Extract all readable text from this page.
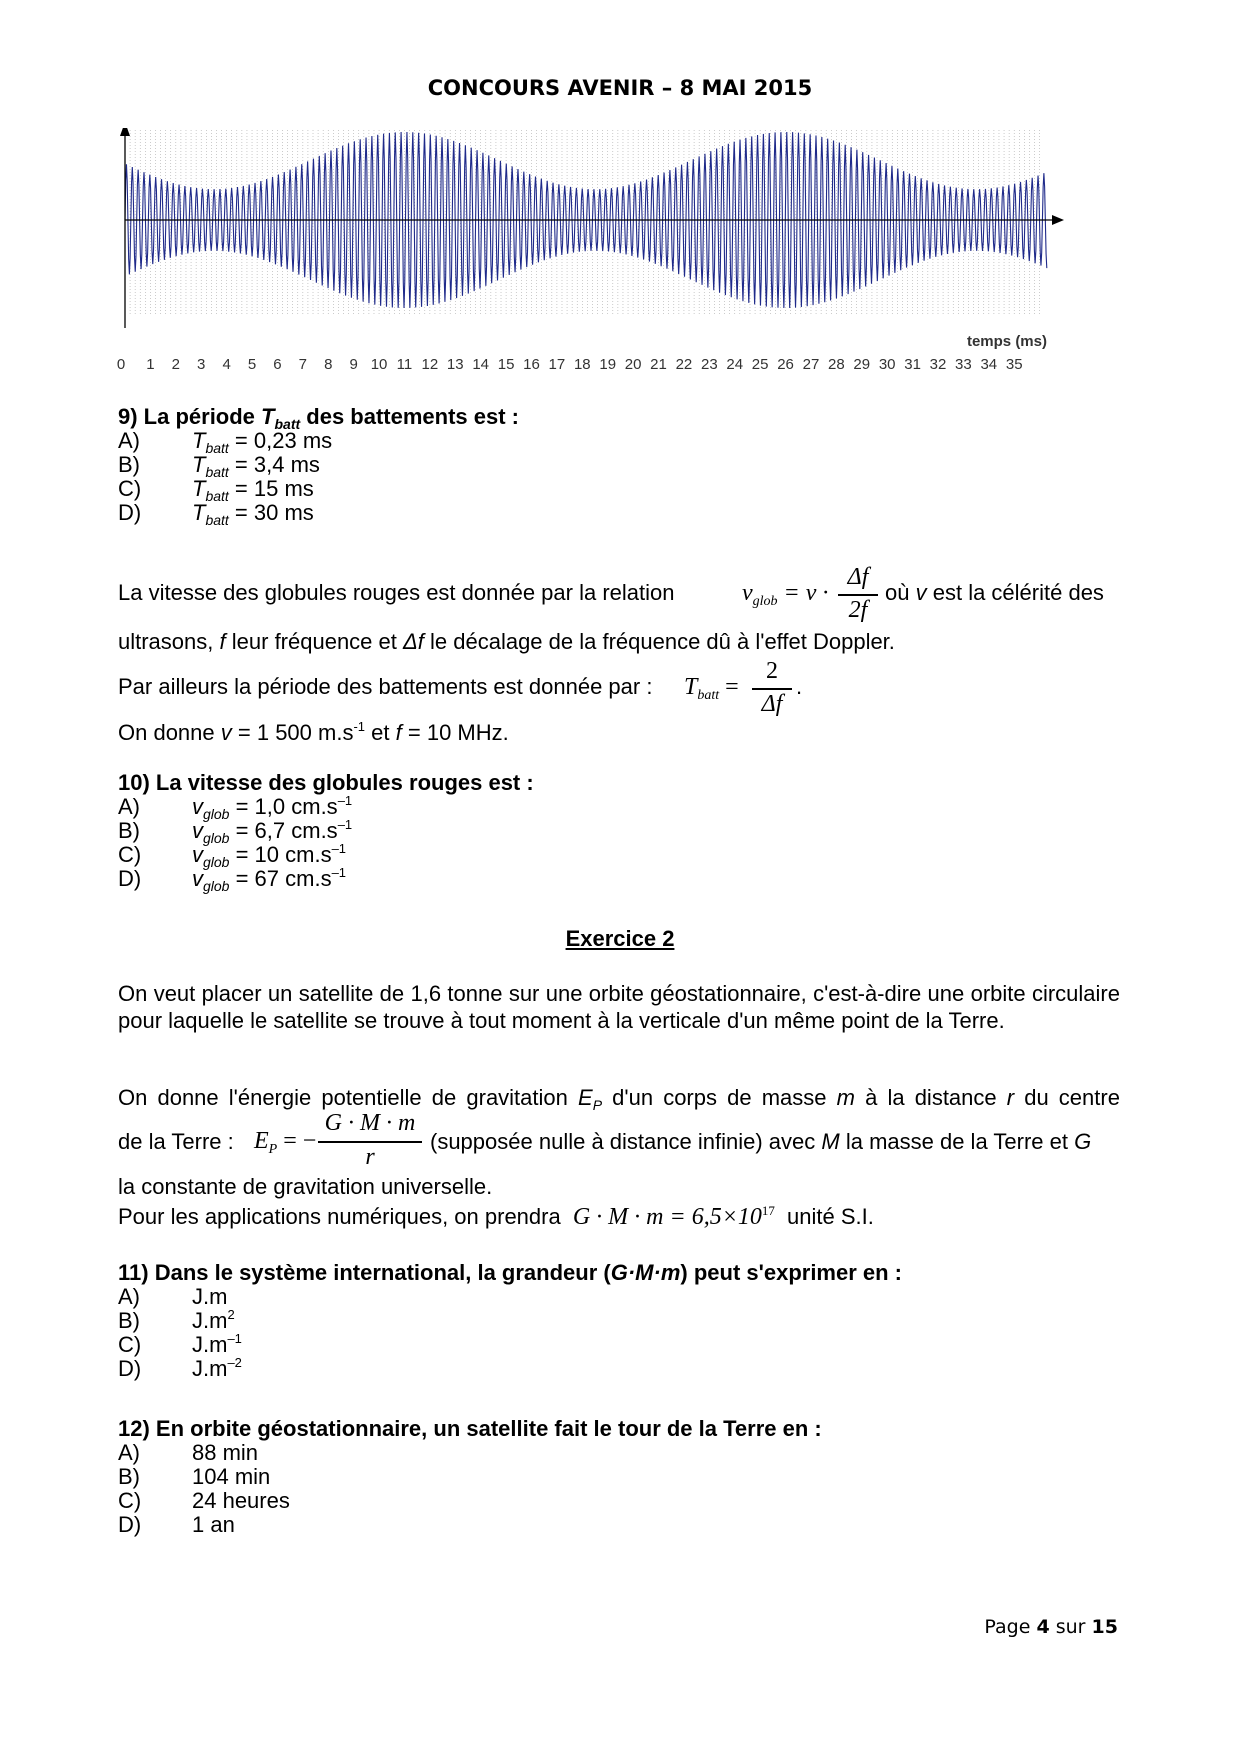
CONCOURS AVENIR – 8 MAI 2015
0 1 2 3 4 5 6 7 8 9 10 11 12 13 14 15 16 17 18 19 20 21 22 23 24 25 26 27 28 29 30 31 32 33 34 35
temps (ms)
9) La période $T_{batt}$ des battements est :
A) $T_{batt} = 0,23$ ms
B) $T_{batt} = 3,4$ ms
C) $T_{batt} = 15$ ms
D) $T_{batt} = 30$ ms
La vitesse des globules rouges est donnée par la relation	$v_{glob} = v$ ·
Δf
2f
où v est la célérité des
ultrasons, f leur fréquence et Δf le décalage de la fréquence dû à l'effet Doppler.
Par ailleurs la période des battements est donnée par : $T_{batt}$ =
2
Δf
.
On donne v = 1 500 $m.s^{-1}$ et f = 10 MHz.
10) La vitesse des globules rouges est :
A) $v_{glob} = 1,0$ $cm.s^{-1}$
B) $v_{glob} = 6,7$ $cm.s^{-1}$
C) $v_{glob} = 10$ $cm.s^{-1}$
D) $v_{glob} = 67$ $cm.s^{-1}$
Exercice 2
On veut placer un satellite de 1,6 tonne sur une orbite géostationnaire, c'est-à-dire une orbite circulaire pour laquelle le satellite se trouve à tout moment à la verticale d'un même point de la Terre.
On donne l'énergie potentielle de gravitation $E_P$ d'un corps de masse m à la distance r du centre
de la Terre : $E_P$ = −
G · M · m
r
(supposée nulle à distance infinie) avec M la masse de la Terre et G
la constante de gravitation universelle.
Pour les applications numériques, on prendra $G \cdot M \cdot m = 6,5\times 10^{17}$ unité S.I.
11) Dans le système international, la grandeur (G·M·m) peut s'exprimer en :
A) J.m
B) $J.m^2$
C) $J.m^{-1}$
D) $J.m^{-2}$
12) En orbite géostationnaire, un satellite fait le tour de la Terre en :
A) 88 min
B) 104 min
C) 24 heures
D) 1 an
Page 4 sur 15
